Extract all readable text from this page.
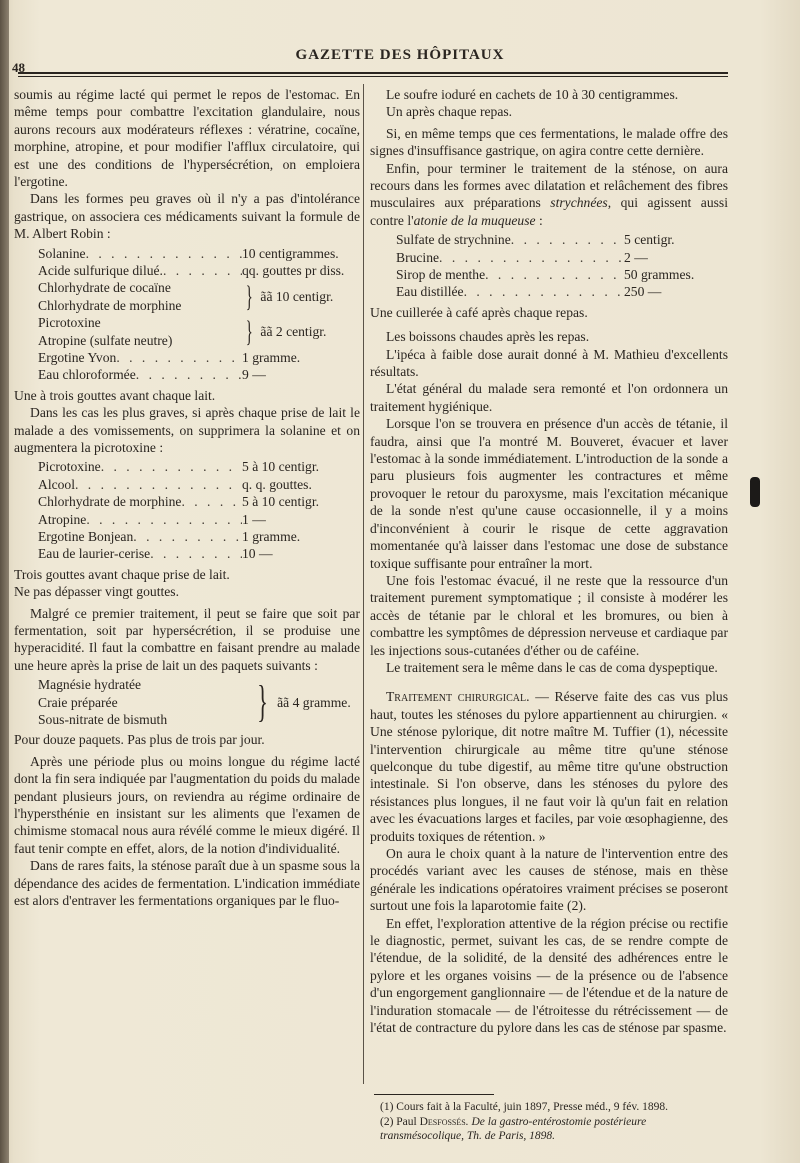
48
GAZETTE DES HÔPITAUX

soumis au régime lacté qui permet le repos de l'estomac. En même temps pour combattre l'excitation glandulaire, nous aurons recours aux modérateurs réflexes : vératrine, cocaïne, morphine, atropine, et pour modifier l'afflux circulatoire, qui est une des conditions de l'hypersécrétion, on emploiera l'ergotine.

Dans les formes peu graves où il n'y a pas d'intolérance gastrique, on associera ces médicaments suivant la formule de M. Albert Robin :

Solanine . . .	10 centigrammes.
Acide sulfurique dilué. . . .	qq. gouttes pr diss.
Chlorhydrate de cocaïne
Chlorhydrate de morphine } ãã 10 centigr.
Picrotoxine
Atropine (sulfate neutre) } ãã 2 centigr.
Ergotine Yvon . . .	1 gramme.
Eau chloroformée . . .	9 —

Une à trois gouttes avant chaque lait.

Dans les cas les plus graves, si après chaque prise de lait le malade a des vomissements, on supprimera la solanine et on augmentera la picrotoxine :

Picrotoxine . . .	5 à 10 centigr.
Alcool . . .	q. q. gouttes.
Chlorhydrate de morphine . . .	5 à 10 centigr.
Atropine . . .	1 —
Ergotine Bonjean . . .	1 gramme.
Eau de laurier-cerise . . .	10 —

Trois gouttes avant chaque prise de lait.

Ne pas dépasser vingt gouttes.

Malgré ce premier traitement, il peut se faire que soit par fermentation, soit par hypersécrétion, il se produise une hyperacidité. Il faut la combattre en faisant prendre au malade une heure après la prise de lait un des paquets suivants :

Magnésie hydratée
Craie préparée
Sous-nitrate de bismuth } ãã 4 gramme.

Pour douze paquets. Pas plus de trois par jour.

Après une période plus ou moins longue du régime lacté dont la fin sera indiquée par l'augmentation du poids du malade pendant plusieurs jours, on reviendra au régime ordinaire de l'hypersthénie en insistant sur les aliments que l'examen de chimisme stomacal nous aura révélé comme le mieux digéré. Il faut tenir compte en effet, alors, de la notion d'individualité.

Dans de rares faits, la sténose paraît due à un spasme sous la dépendance des acides de fermentation. L'indication immédiate est alors d'entraver les fermentations organiques par le fluo-

Le soufre ioduré en cachets de 10 à 30 centigrammes.

Un après chaque repas.

Si, en même temps que ces fermentations, le malade offre des signes d'insuffisance gastrique, on agira contre cette dernière.

Enfin, pour terminer le traitement de la sténose, on aura recours dans les formes avec dilatation et relâchement des fibres musculaires aux préparations strychnées, qui agissent aussi contre l'atonie de la muqueuse :

Sulfate de strychnine . . .	5 centigr.
Brucine . . .	2 —
Sirop de menthe . . .	50 grammes.
Eau distillée . . .	250 —

Une cuillerée à café après chaque repas.

Les boissons chaudes après les repas.

L'ipéca à faible dose aurait donné à M. Mathieu d'excellents résultats.

L'état général du malade sera remonté et l'on ordonnera un traitement hygiénique.

Lorsque l'on se trouvera en présence d'un accès de tétanie, il faudra, ainsi que l'a montré M. Bouveret, évacuer et laver l'estomac à la sonde immédiatement. L'introduction de la sonde a paru plusieurs fois augmenter les contractures et même provoquer le retour du paroxysme, mais l'excitation mécanique de la sonde n'est qu'une cause occasionnelle, il y a moins d'inconvénient à courir le risque de cette aggravation momentanée qu'à laisser dans l'estomac une dose de substance toxique suffisante pour entraîner la mort.

Une fois l'estomac évacué, il ne reste que la ressource d'un traitement purement symptomatique ; il consiste à modérer les accès de tétanie par le chloral et les bromures, ou bien à combattre les symptômes de dépression nerveuse et cardiaque par les injections sous-cutanées d'éther ou de caféine.

Le traitement sera le même dans le cas de coma dyspeptique.

Traitement chirurgical. — Réserve faite des cas vus plus haut, toutes les sténoses du pylore appartiennent au chirurgien. « Une sténose pylorique, dit notre maître M. Tuffier (1), nécessite l'intervention chirurgicale au même titre qu'une sténose quelconque du tube digestif, au même titre qu'une obstruction intestinale. Si l'on observe, dans les sténoses du pylore des résistances plus longues, il ne faut voir là qu'un fait en relation avec les évacuations larges et faciles, par voie œsophagienne, des produits toxiques de rétention. »

On aura le choix quant à la nature de l'intervention entre des procédés variant avec les causes de sténose, mais en thèse générale les indications opératoires vraiment précises se poseront surtout une fois la laparotomie faite (2).

En effet, l'exploration attentive de la région précise ou rectifie le diagnostic, permet, suivant les cas, de se rendre compte de l'étendue, de la solidité, de la densité des adhérences entre le pylore et les organes voisins — de la présence ou de l'absence d'un engorgement ganglionnaire — de l'étendue et de la nature de l'induration stomacale — de l'étroitesse du rétrécissement — de l'état de contracture du pylore dans les cas de sténose par spasme.

(1) Cours fait à la Faculté, juin 1897, Presse méd., 9 fév. 1898.

(2) Paul Desfossés. De la gastro-entérostomie postérieure transmésocolique, Th. de Paris, 1898.
